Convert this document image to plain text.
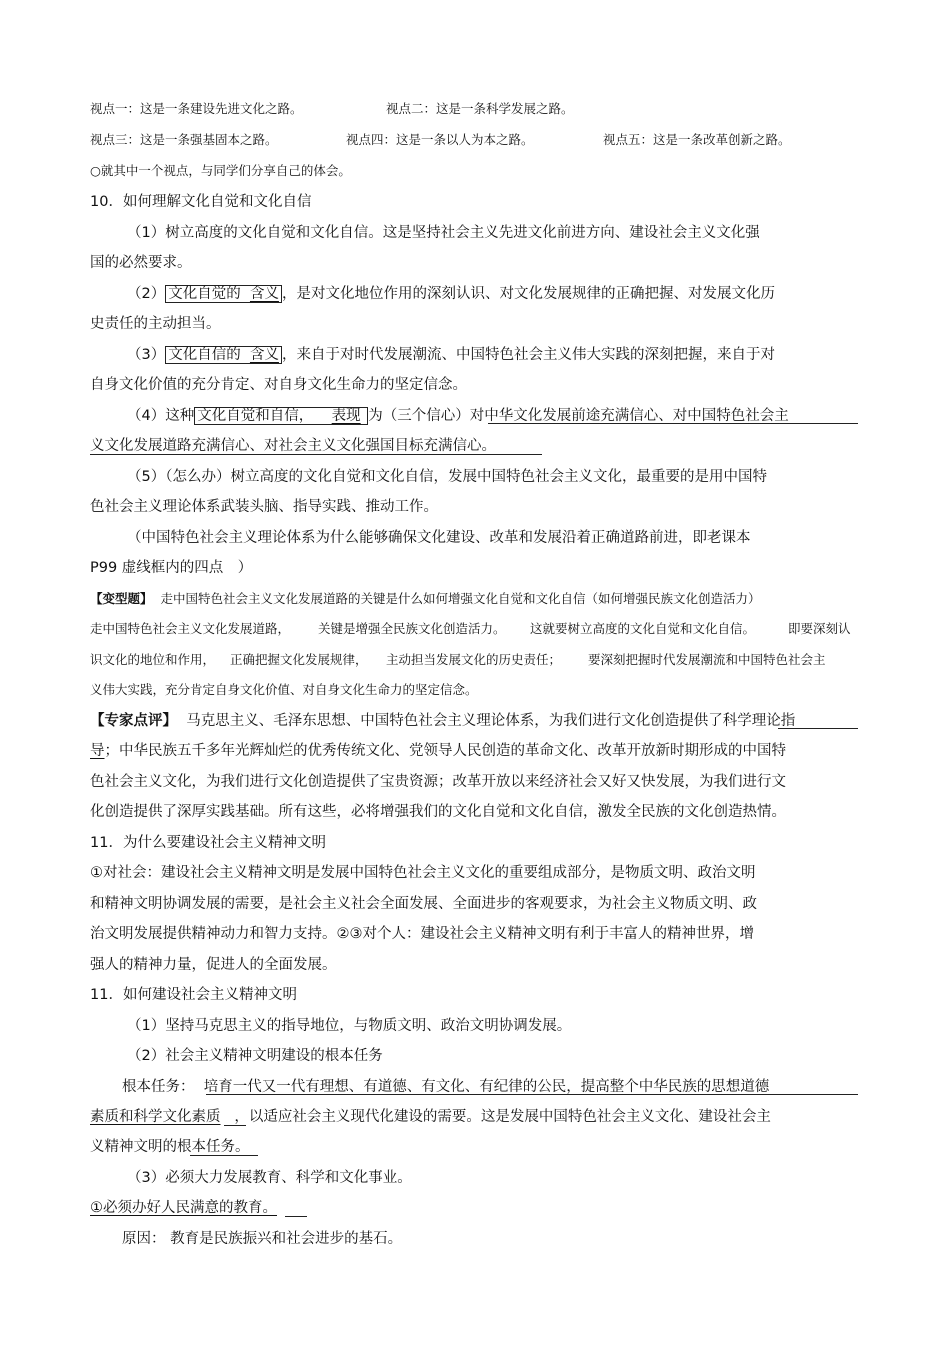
视点一：这是一条建设先进文化之路。	视点二：这是一条科学发展之路。
视点三：这是一条强基固本之路。	视点四：这是一条以人为本之路。	视点五：这是一条改革创新之路。
○就其中一个视点，与同学们分享自己的体会。
10．如何理解文化自觉和文化自信
（1）树立高度的文化自觉和文化自信。这是坚持社会主义先进文化前进方向、建设社会主义文化强
国的必然要求。
（2） 文化自觉的 含义 ，是对文化地位作用的深刻认识、对文化发展规律的正确把握、对发展文化历
史责任的主动担当。
（3） 文化自信的 含义 ，来自于对时代发展潮流、中国特色社会主义伟大实践的深刻把握，来自于对
自身文化价值的充分肯定、对自身文化生命力的坚定信念。
（4）这种 文化自觉和自信， 表现 为（三个信心）对中华文化发展前途充满信心、对中国特色社会主
义文化发展道路充满信心、对社会主义文化强国目标充满信心。
（5）（怎么办）树立高度的文化自觉和文化自信，发展中国特色社会主义文化，最重要的是用中国特
色社会主义理论体系武装头脑、指导实践、推动工作。
（中国特色社会主义理论体系为什么能够确保文化建设、改革和发展沿着正确道路前进，即老课本
P99 虚线框内的四点　）
【变型题】 走中国特色社会主义文化发展道路的关键是什么如何增强文化自觉和文化自信（如何增强民族文化创造活力）
走中国特色社会主义文化发展道路， 关键是增强全民族文化创造活力。 这就要树立高度的文化自觉和文化自信。	即要深刻认
识文化的地位和作用， 正确把握文化发展规律， 主动担当发展文化的历史责任； 要深刻把握时代发展潮流和中国特色社会主
义伟大实践，充分肯定自身文化价值、对自身文化生命力的坚定信念。
【专家点评】 马克思主义、毛泽东思想、中国特色社会主义理论体系，为我们进行文化创造提供了科学理论指
导；中华民族五千多年光辉灿烂的优秀传统文化、党领导人民创造的革命文化、改革开放新时期形成的中国特
色社会主义文化，为我们进行文化创造提供了宝贵资源；改革开放以来经济社会又好又快发展，为我们进行文
化创造提供了深厚实践基础。所有这些，必将增强我们的文化自觉和文化自信，激发全民族的文化创造热情。
11．为什么要建设社会主义精神文明
①对社会：建设社会主义精神文明是发展中国特色社会主义文化的重要组成部分，是物质文明、政治文明
和精神文明协调发展的需要，是社会主义社会全面发展、全面进步的客观要求，为社会主义物质文明、政
治文明发展提供精神动力和智力支持。②③对个人：建设社会主义精神文明有利于丰富人的精神世界，增
强人的精神力量，促进人的全面发展。
11．如何建设社会主义精神文明
（1）坚持马克思主义的指导地位，与物质文明、政治文明协调发展。
（2）社会主义精神文明建设的根本任务
根本任务： 培育一代又一代有理想、有道德、有文化、有纪律的公民，提高整个中华民族的思想道德
素质和科学文化素质 ，以适应社会主义现代化建设的需要。这是发展中国特色社会主义文化、建设社会主
义精神文明的根本任务。
（3）必须大力发展教育、科学和文化事业。
①必须办好人民满意的教育。
原因： 教育是民族振兴和社会进步的基石。
